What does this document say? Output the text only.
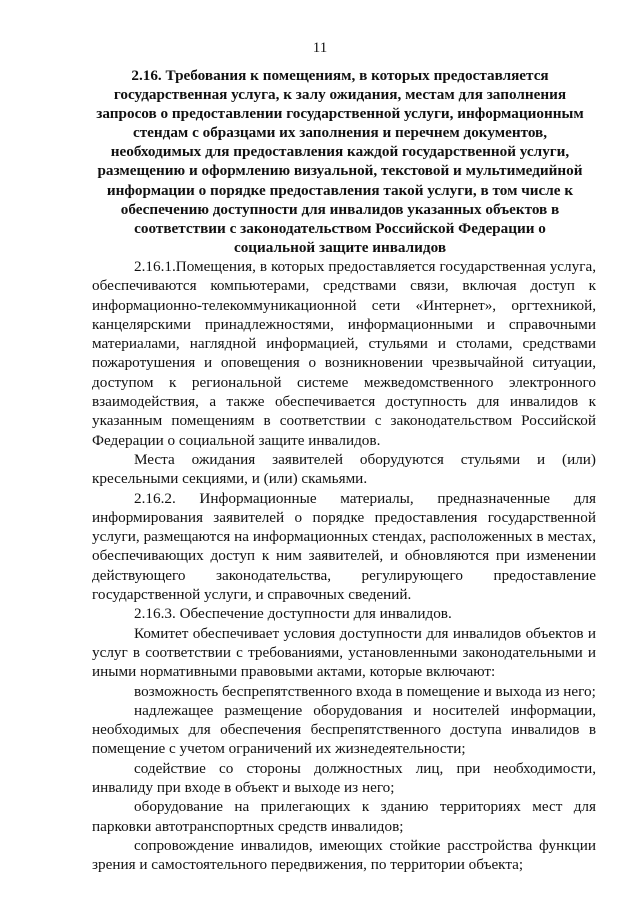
11
2.16. Требования к помещениям, в которых предоставляется государственная услуга, к залу ожидания, местам для заполнения запросов о предоставлении государственной услуги, информационным стендам с образцами их заполнения и перечнем документов, необходимых для предоставления каждой государственной услуги, размещению и оформлению визуальной, текстовой и мультимедийной информации о порядке предоставления такой услуги, в том числе к обеспечению доступности для инвалидов указанных объектов в соответствии с законодательством Российской Федерации о социальной защите инвалидов

2.16.1.Помещения, в которых предоставляется государственная услуга, обеспечиваются компьютерами, средствами связи, включая доступ к информационно-телекоммуникационной сети «Интернет», оргтехникой, канцелярскими принадлежностями, информационными и справочными материалами, наглядной информацией, стульями и столами, средствами пожаротушения и оповещения о возникновении чрезвычайной ситуации, доступом к региональной системе межведомственного электронного взаимодействия, а также обеспечивается доступность для инвалидов к указанным помещениям в соответствии с законодательством Российской Федерации о социальной защите инвалидов.

Места ожидания заявителей оборудуются стульями и (или) кресельными секциями, и (или) скамьями.

2.16.2. Информационные материалы, предназначенные для информирования заявителей о порядке предоставления государственной услуги, размещаются на информационных стендах, расположенных в местах, обеспечивающих доступ к ним заявителей, и обновляются при изменении действующего законодательства, регулирующего предоставление государственной услуги, и справочных сведений.

2.16.3. Обеспечение доступности для инвалидов.

Комитет обеспечивает условия доступности для инвалидов объектов и услуг в соответствии с требованиями, установленными законодательными и иными нормативными правовыми актами, которые включают:

возможность беспрепятственного входа в помещение и выхода из него;

надлежащее размещение оборудования и носителей информации, необходимых для обеспечения беспрепятственного доступа инвалидов в помещение с учетом ограничений их жизнедеятельности;

содействие со стороны должностных лиц, при необходимости, инвалиду при входе в объект и выходе из него;

оборудование на прилегающих к зданию территориях мест для парковки автотранспортных средств инвалидов;

сопровождение инвалидов, имеющих стойкие расстройства функции зрения и самостоятельного передвижения, по территории объекта;
